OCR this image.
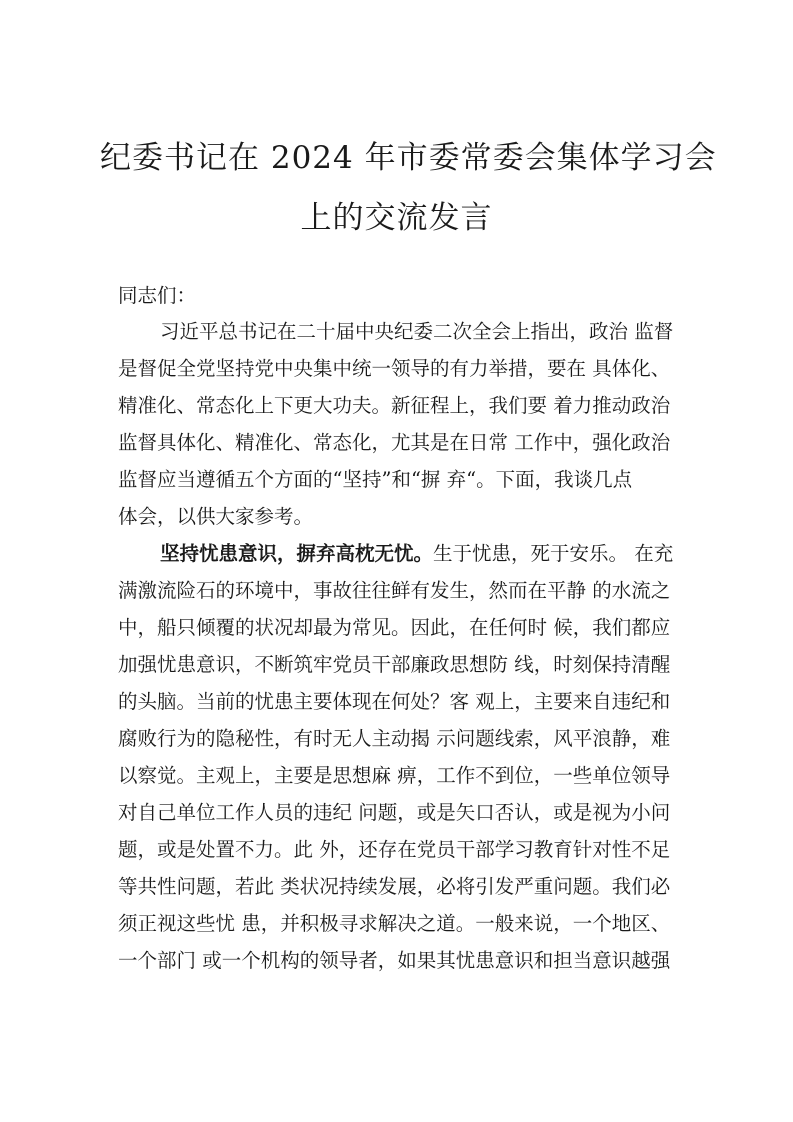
纪委书记在 2024 年市委常委会集体学习会
上的交流发言
同志们：
习近平总书记在二十届中央纪委二次全会上指出，政治 监督
是督促全党坚持党中央集中统一领导的有力举措，要在 具体化、
精准化、常态化上下更大功夫。新征程上，我们要 着力推动政治
监督具体化、精准化、常态化，尤其是在日常 工作中，强化政治
监督应当遵循五个方面的“坚持”和“摒 弃“。下面，我谈几点
体会，以供大家参考。
坚持忧患意识，摒弃高枕无忧。生于忧患，死于安乐。 在充
满激流险石的环境中，事故往往鲜有发生，然而在平静 的水流之
中，船只倾覆的状况却最为常见。因此，在任何时 候，我们都应
加强忧患意识，不断筑牢党员干部廉政思想防 线，时刻保持清醒
的头脑。当前的忧患主要体现在何处？客 观上，主要来自违纪和
腐败行为的隐秘性，有时无人主动揭 示问题线索，风平浪静，难
以察觉。主观上，主要是思想麻 痹，工作不到位，一些单位领导
对自己单位工作人员的违纪 问题，或是矢口否认，或是视为小问
题，或是处置不力。此 外，还存在党员干部学习教育针对性不足
等共性问题，若此 类状况持续发展，必将引发严重问题。我们必
须正视这些忧 患，并积极寻求解决之道。一般来说，一个地区、
一个部门 或一个机构的领导者，如果其忧患意识和担当意识越强
